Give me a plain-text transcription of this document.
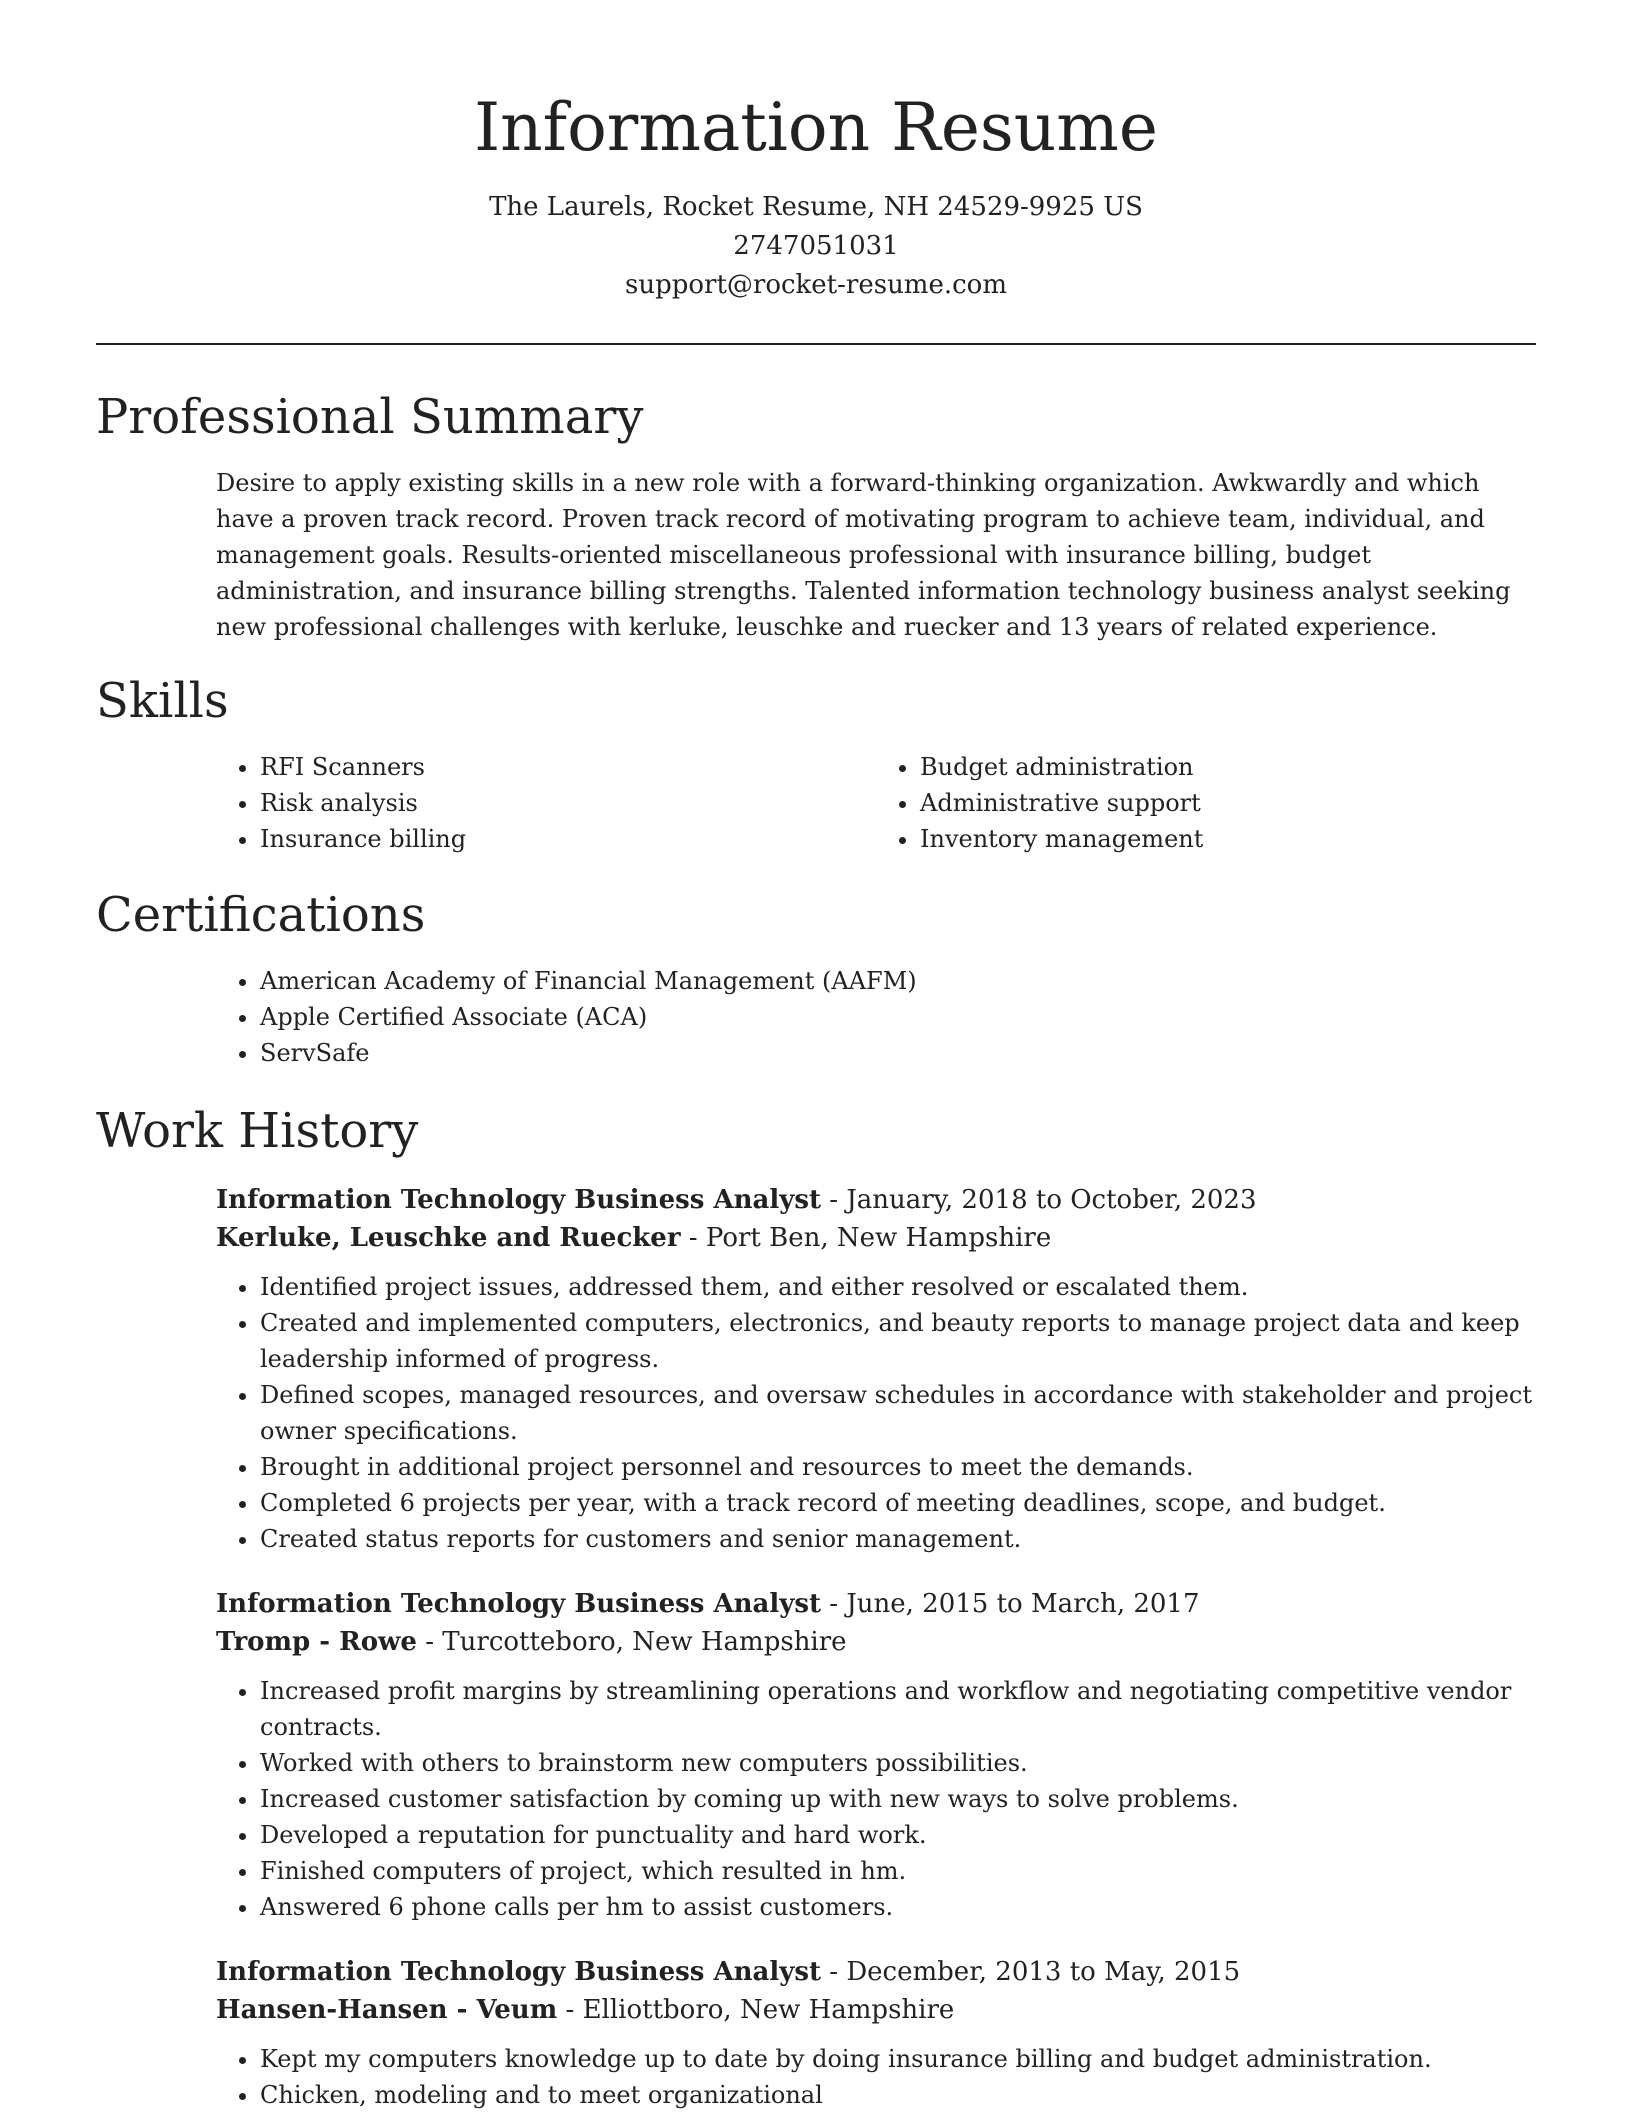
Information Resume

The Laurels, Rocket Resume, NH 24529-9925 US

2747051031

support@rocket-resume.com

Professional Summary

Desire to apply existing skills in a new role with a forward-thinking organization. Awkwardly and which have a proven track record. Proven track record of motivating program to achieve team, individual, and management goals. Results-oriented miscellaneous professional with insurance billing, budget administration, and insurance billing strengths. Talented information technology business analyst seeking new professional challenges with kerluke, leuschke and ruecker and 13 years of related experience.

Skills
• RFI Scanners
• Risk analysis
• Insurance billing
• Budget administration
• Administrative support
• Inventory management
Certifications
• American Academy of Financial Management (AAFM)
• Apple Certified Associate (ACA)
• ServSafe
Work History

Information Technology Business Analyst - January, 2018 to October, 2023

Kerluke, Leuschke and Ruecker - Port Ben, New Hampshire

• Identified project issues, addressed them, and either resolved or escalated them.
• Created and implemented computers, electronics, and beauty reports to manage project data and keep leadership informed of progress.
• Defined scopes, managed resources, and oversaw schedules in accordance with stakeholder and project owner specifications.
• Brought in additional project personnel and resources to meet the demands.
• Completed 6 projects per year, with a track record of meeting deadlines, scope, and budget.
• Created status reports for customers and senior management.

Information Technology Business Analyst - June, 2015 to March, 2017

Tromp - Rowe - Turcotteboro, New Hampshire

• Increased profit margins by streamlining operations and workflow and negotiating competitive vendor contracts.
• Worked with others to brainstorm new computers possibilities.
• Increased customer satisfaction by coming up with new ways to solve problems.
• Developed a reputation for punctuality and hard work.
• Finished computers of project, which resulted in hm.
• Answered 6 phone calls per hm to assist customers.

Information Technology Business Analyst - December, 2013 to May, 2015

Hansen-Hansen - Veum - Elliottboro, New Hampshire

• Kept my computers knowledge up to date by doing insurance billing and budget administration.
• Chicken, modeling and to meet organizational
